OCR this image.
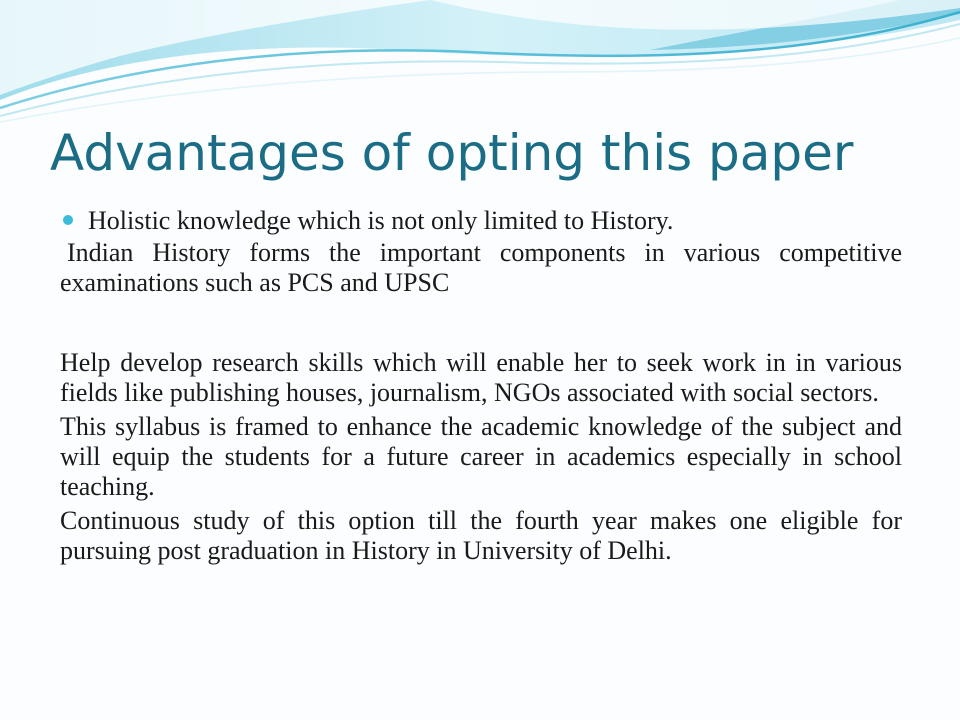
Advantages of opting this paper
Holistic knowledge which is not only limited to History.
Indian History forms the important components in various competitive examinations such as PCS and UPSC
Help develop research skills which will enable her to seek work in in various fields like publishing houses, journalism, NGOs associated with social sectors.
This syllabus is framed to enhance the academic knowledge of the subject and will equip the students for a future career in academics especially in school teaching.
Continuous study of this option till the fourth year makes one eligible for pursuing post graduation in History in University of Delhi.
